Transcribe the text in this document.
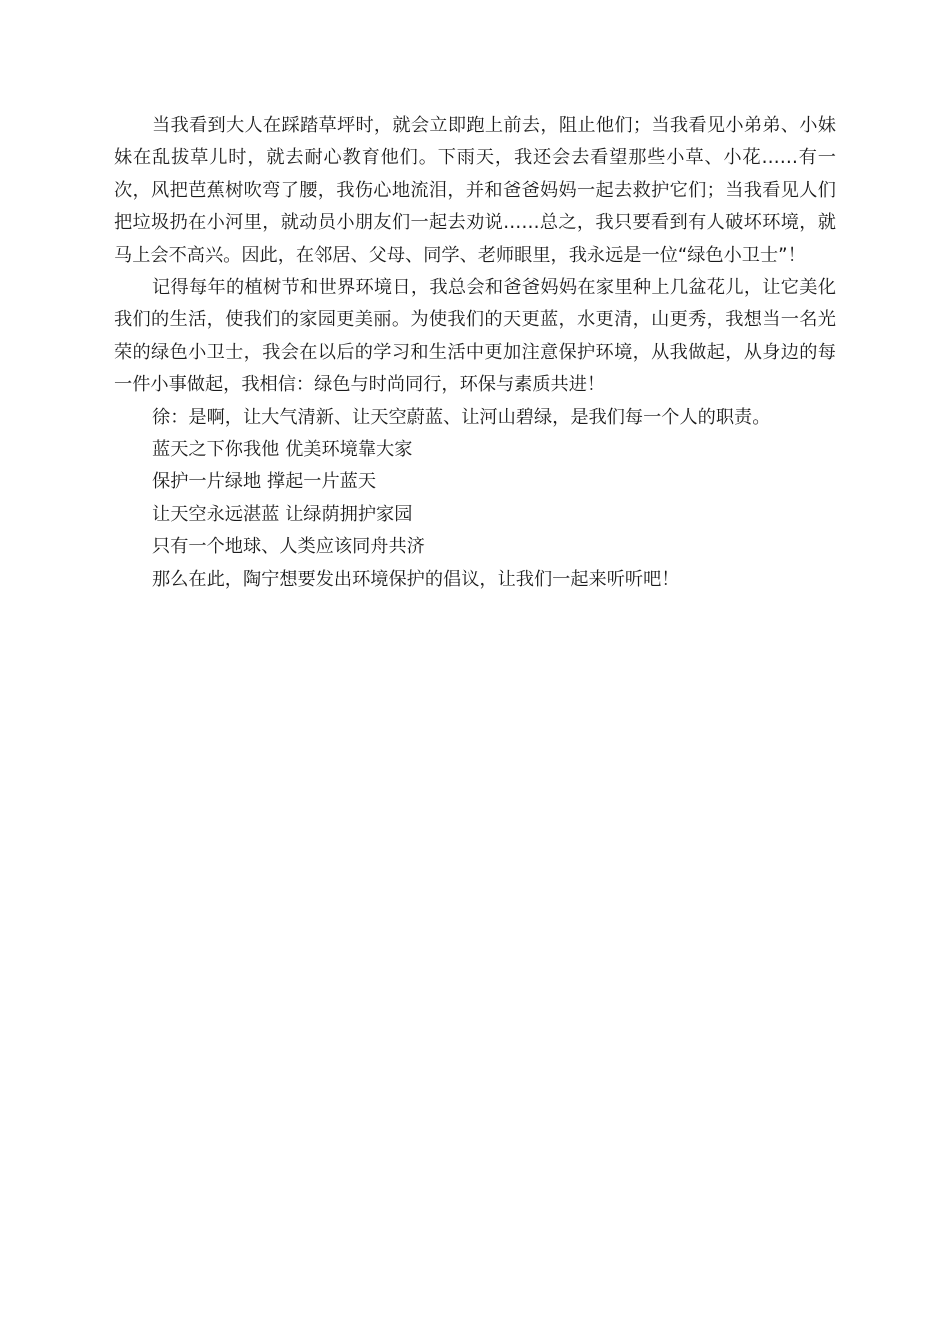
当我看到大人在踩踏草坪时，就会立即跑上前去，阻止他们；当我看见小弟弟、小妹妹在乱拔草儿时，就去耐心教育他们。下雨天，我还会去看望那些小草、小花……有一次，风把芭蕉树吹弯了腰，我伤心地流泪，并和爸爸妈妈一起去救护它们；当我看见人们把垃圾扔在小河里，就动员小朋友们一起去劝说……总之，我只要看到有人破坏环境，就马上会不高兴。因此，在邻居、父母、同学、老师眼里，我永远是一位“绿色小卫士”！

记得每年的植树节和世界环境日，我总会和爸爸妈妈在家里种上几盆花儿，让它美化我们的生活，使我们的家园更美丽。为使我们的天更蓝，水更清，山更秀，我想当一名光荣的绿色小卫士，我会在以后的学习和生活中更加注意保护环境，从我做起，从身边的每一件小事做起，我相信：绿色与时尚同行，环保与素质共进！

徐：是啊，让大气清新、让天空蔚蓝、让河山碧绿，是我们每一个人的职责。

蓝天之下你我他 优美环境靠大家

保护一片绿地 撑起一片蓝天

让天空永远湛蓝 让绿荫拥护家园

只有一个地球、人类应该同舟共济

那么在此，陶宁想要发出环境保护的倡议，让我们一起来听听吧！
